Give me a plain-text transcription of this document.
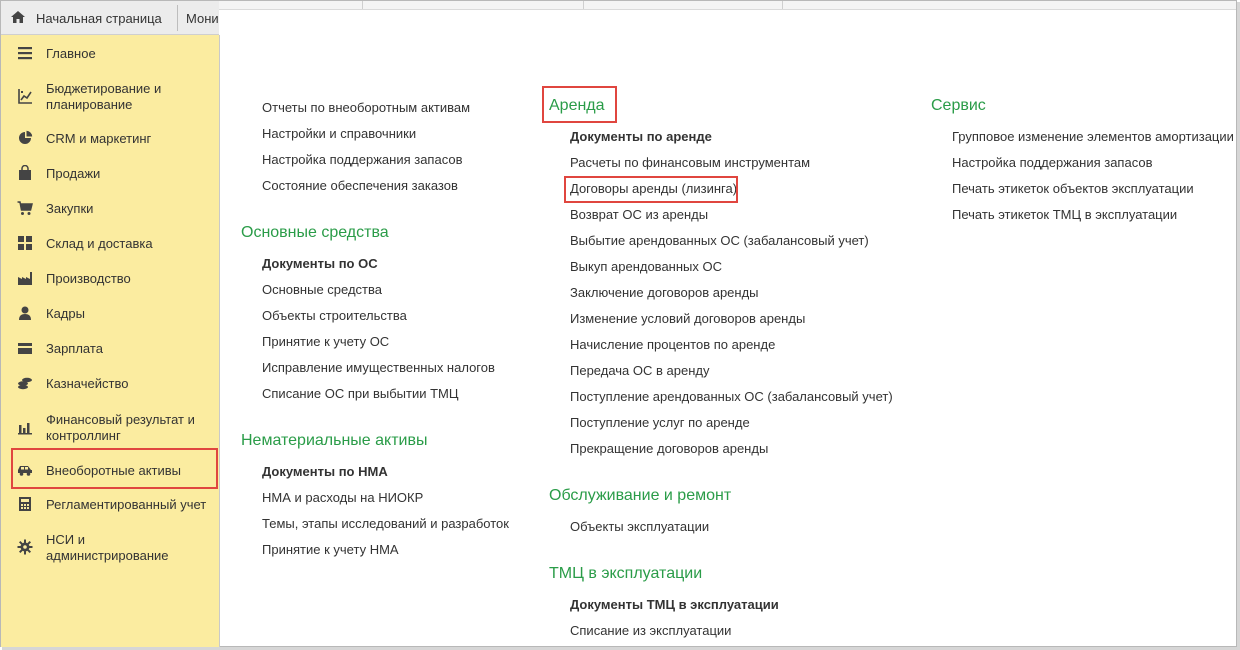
Начальная страница Мони
Главное
Бюджетирование и планирование
CRM и маркетинг
Продажи
Закупки
Склад и доставка
Производство
Кадры
Зарплата
Казначейство
Финансовый результат и контроллинг
Внеоборотные активы
Регламентированный учет
НСИ и администрирование
Отчеты по внеоборотным активам
Настройки и справочники
Настройка поддержания запасов
Состояние обеспечения заказов
Основные средства
Документы по ОС
Основные средства
Объекты строительства
Принятие к учету ОС
Исправление имущественных налогов
Списание ОС при выбытии ТМЦ
Нематериальные активы
Документы по НМА
НМА и расходы на НИОКР
Темы, этапы исследований и разработок
Принятие к учету НМА
Аренда
Документы по аренде
Расчеты по финансовым инструментам
Договоры аренды (лизинга)
Возврат ОС из аренды
Выбытие арендованных ОС (забалансовый учет)
Выкуп арендованных ОС
Заключение договоров аренды
Изменение условий договоров аренды
Начисление процентов по аренде
Передача ОС в аренду
Поступление арендованных ОС (забалансовый учет)
Поступление услуг по аренде
Прекращение договоров аренды
Обслуживание и ремонт
Объекты эксплуатации
ТМЦ в эксплуатации
Документы ТМЦ в эксплуатации
Списание из эксплуатации
Сервис
Групповое изменение элементов амортизации
Настройка поддержания запасов
Печать этикеток объектов эксплуатации
Печать этикеток ТМЦ в эксплуатации
